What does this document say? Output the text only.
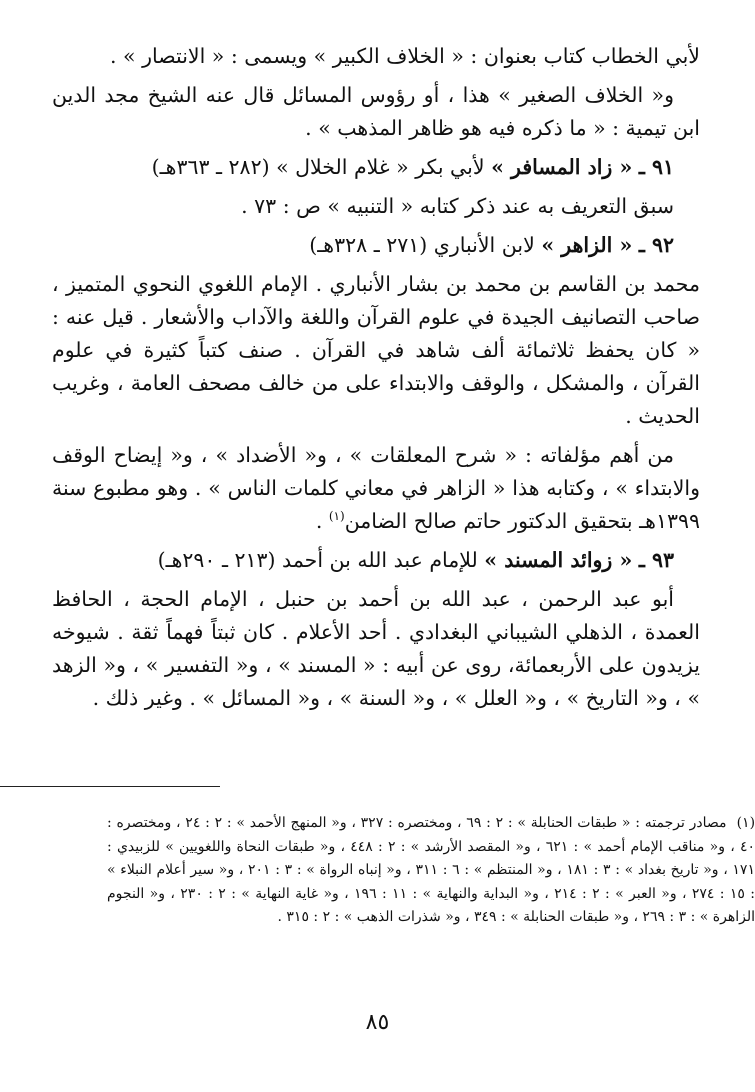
لأبي الخطاب كتاب بعنوان : « الخلاف الكبير » ويسمى : « الانتصار » .

و« الخلاف الصغير » هذا ، أو رؤوس المسائل قال عنه الشيخ مجد الدين ابن تيمية : « ما ذكره فيه هو ظاهر المذهب » .

٩١ ـ « زاد المسافر » لأبي بكر « غلام الخلال » (٢٨٢ ـ ٣٦٣هـ)

سبق التعريف به عند ذكر كتابه « التنبيه » ص : ٧٣ .

٩٢ ـ « الزاهر » لابن الأنباري (٢٧١ ـ ٣٢٨هـ)

محمد بن القاسم بن محمد بن بشار الأنباري . الإمام اللغوي النحوي المتميز ، صاحب التصانيف الجيدة في علوم القرآن واللغة والآداب والأشعار . قيل عنه : « كان يحفظ ثلاثمائة ألف شاهد في القرآن . صنف كتباً كثيرة في علوم القرآن ، والمشكل ، والوقف والابتداء على من خالف مصحف العامة ، وغريب الحديث .

من أهم مؤلفاته : « شرح المعلقات » ، و« الأضداد » ، و« إيضاح الوقف والابتداء » ، وكتابه هذا « الزاهر في معاني كلمات الناس » . وهو مطبوع سنة ١٣٩٩هـ بتحقيق الدكتور حاتم صالح الضامن$^{(١)}$ .

٩٣ ـ « زوائد المسند » للإمام عبد الله بن أحمد (٢١٣ ـ ٢٩٠هـ)

أبو عبد الرحمن ، عبد الله بن أحمد بن حنبل ، الإمام الحجة ، الحافظ العمدة ، الذهلي الشيباني البغدادي . أحد الأعلام . كان ثبتاً فهماً ثقة . شيوخه يزيدون على الأربعمائة، روى عن أبيه : « المسند » ، و« التفسير » ، و« الزهد » ، و« التاريخ » ، و« العلل » ، و« السنة » ، و« المسائل » . وغير ذلك .

(١)مصادر ترجمته : « طبقات الحنابلة » : ٢ : ٦٩ ، ومختصره : ٣٢٧ ، و« المنهج الأحمد » : ٢ : ٢٤ ، ومختصره : ٤٠ ، و« مناقب الإمام أحمد » : ٦٢١ ، و« المقصد الأرشد » : ٢ : ٤٤٨ ، و« طبقات النحاة واللغويين » للزبيدي : ١٧١ ، و« تاريخ بغداد » : ٣ : ١٨١ ، و« المنتظم » : ٦ : ٣١١ ، و« إنباه الرواة » : ٣ : ٢٠١ ، و« سير أعلام النبلاء » : ١٥ : ٢٧٤ ، و« العبر » : ٢ : ٢١٤ ، و« البداية والنهاية » : ١١ : ١٩٦ ، و« غاية النهاية » : ٢ : ٢٣٠ ، و« النجوم الزاهرة » : ٣ : ٢٦٩ ، و« طبقات الحنابلة » : ٣٤٩ ، و« شذرات الذهب » : ٢ : ٣١٥ .
٨٥
